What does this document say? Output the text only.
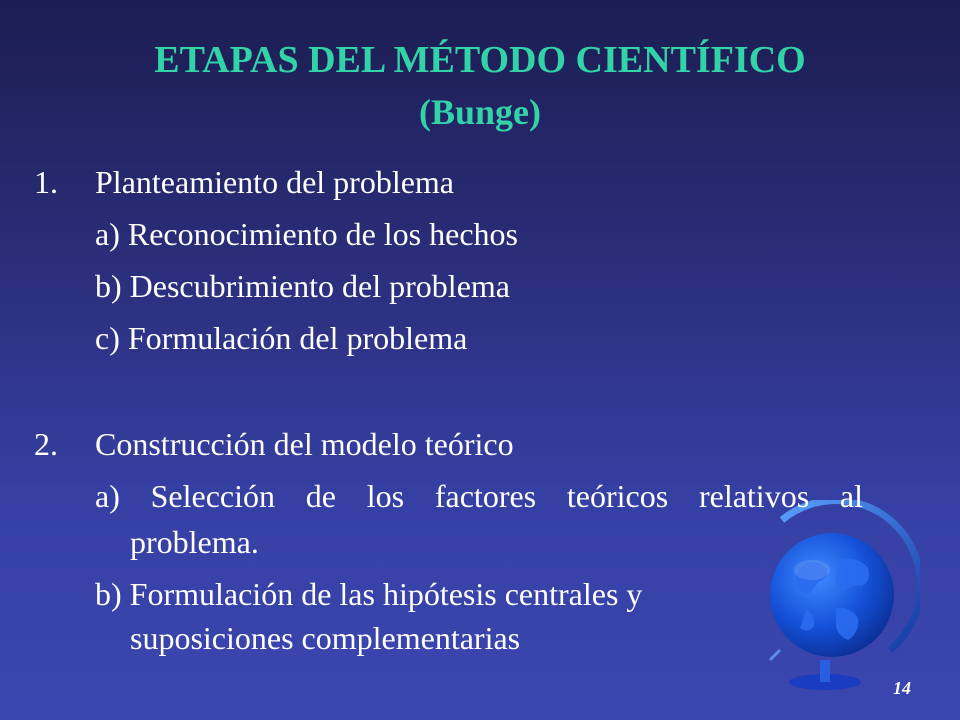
ETAPAS DEL MÉTODO CIENTÍFICO
(Bunge)
1. Planteamiento del problema
a) Reconocimiento de los hechos
b) Descubrimiento del problema
c) Formulación del problema
2. Construcción del modelo teórico
a) Selección de los factores teóricos relativos al
problema.
b) Formulación de las hipótesis centrales y
suposiciones complementarias
14
